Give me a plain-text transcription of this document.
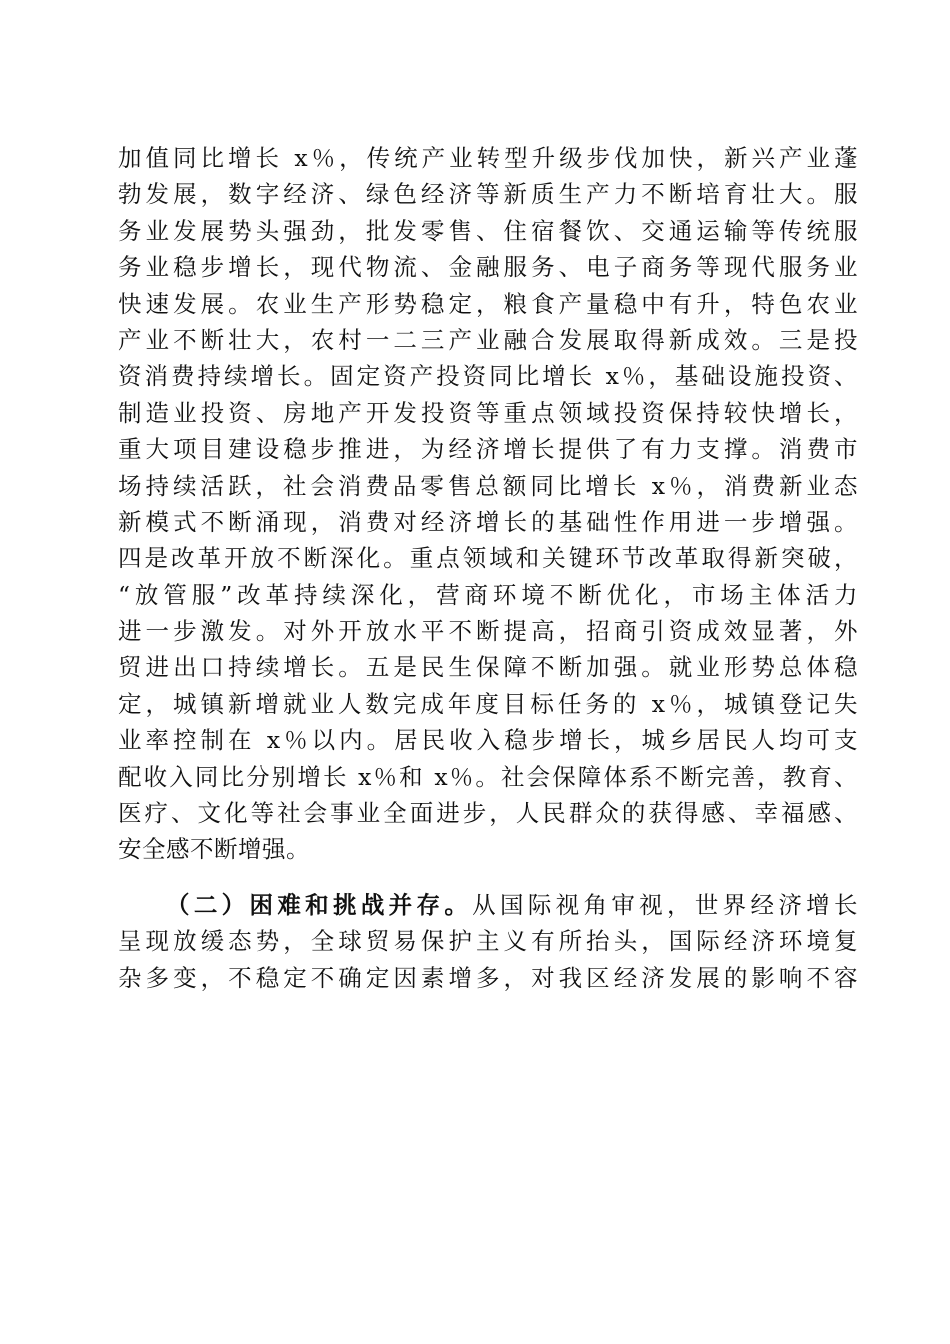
加值同比增长 x％，传统产业转型升级步伐加快，新兴产业蓬
勃发展，数字经济、绿色经济等新质生产力不断培育壮大。服
务业发展势头强劲，批发零售、住宿餐饮、交通运输等传统服
务业稳步增长，现代物流、金融服务、电子商务等现代服务业
快速发展。农业生产形势稳定，粮食产量稳中有升，特色农业
产业不断壮大，农村一二三产业融合发展取得新成效。三是投
资消费持续增长。固定资产投资同比增长 x％，基础设施投资、
制造业投资、房地产开发投资等重点领域投资保持较快增长，
重大项目建设稳步推进，为经济增长提供了有力支撑。消费市
场持续活跃，社会消费品零售总额同比增长 x％，消费新业态
新模式不断涌现，消费对经济增长的基础性作用进一步增强。
四是改革开放不断深化。重点领域和关键环节改革取得新突破，
“放管服”改革持续深化，营商环境不断优化，市场主体活力
进一步激发。对外开放水平不断提高，招商引资成效显著，外
贸进出口持续增长。五是民生保障不断加强。就业形势总体稳
定，城镇新增就业人数完成年度目标任务的 x％，城镇登记失
业率控制在 x％以内。居民收入稳步增长，城乡居民人均可支
配收入同比分别增长 x％和 x％。社会保障体系不断完善，教育、
医疗、文化等社会事业全面进步，人民群众的获得感、幸福感、
安全感不断增强。
（二）困难和挑战并存。从国际视角审视，世界经济增长
呈现放缓态势，全球贸易保护主义有所抬头，国际经济环境复
杂多变，不稳定不确定因素增多，对我区经济发展的影响不容
